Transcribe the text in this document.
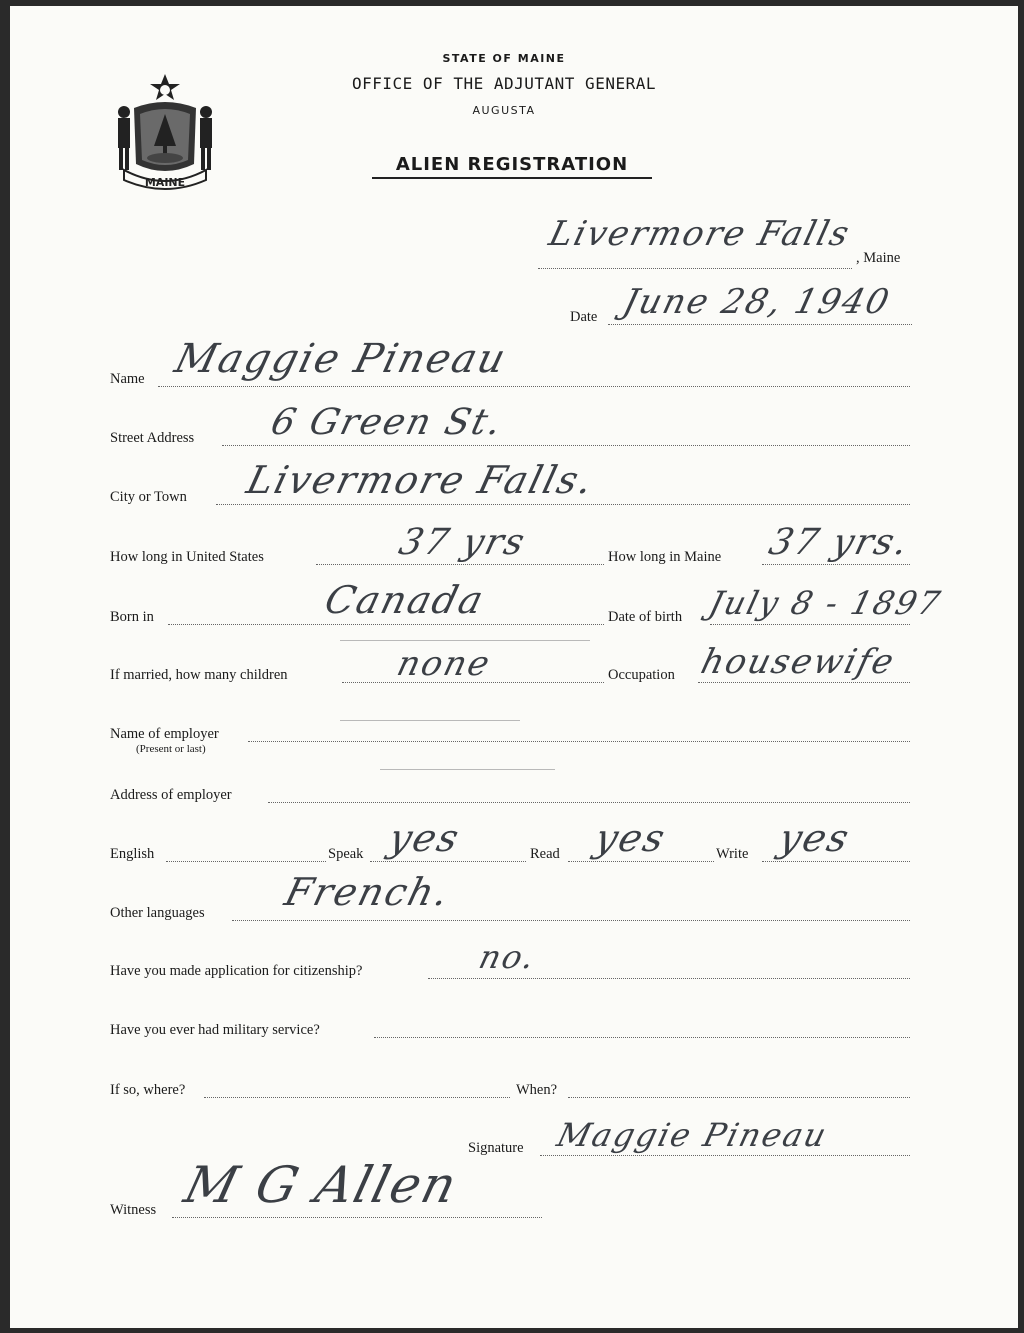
MAINE
STATE OF MAINE
OFFICE OF THE ADJUTANT GENERAL
AUGUSTA
ALIEN REGISTRATION
Livermore Falls
, Maine
Date June 28, 1940
Name Maggie Pineau
Street Address 6 Green St.
City or Town Livermore Falls.
How long in United States	37 yrs	How long in Maine 37 yrs.
Born in	Canada	Date of birth July 8 - 1897
If married, how many children	none	Occupation housewife
Name of employer
(Present or last)
Address of employer
English	Speak yes	Read yes	Write yes
Other languages French.
Have you made application for citizenship?	no.
Have you ever had military service?
If so, where?	When?
Signature Maggie Pineau
Witness M G Allen
